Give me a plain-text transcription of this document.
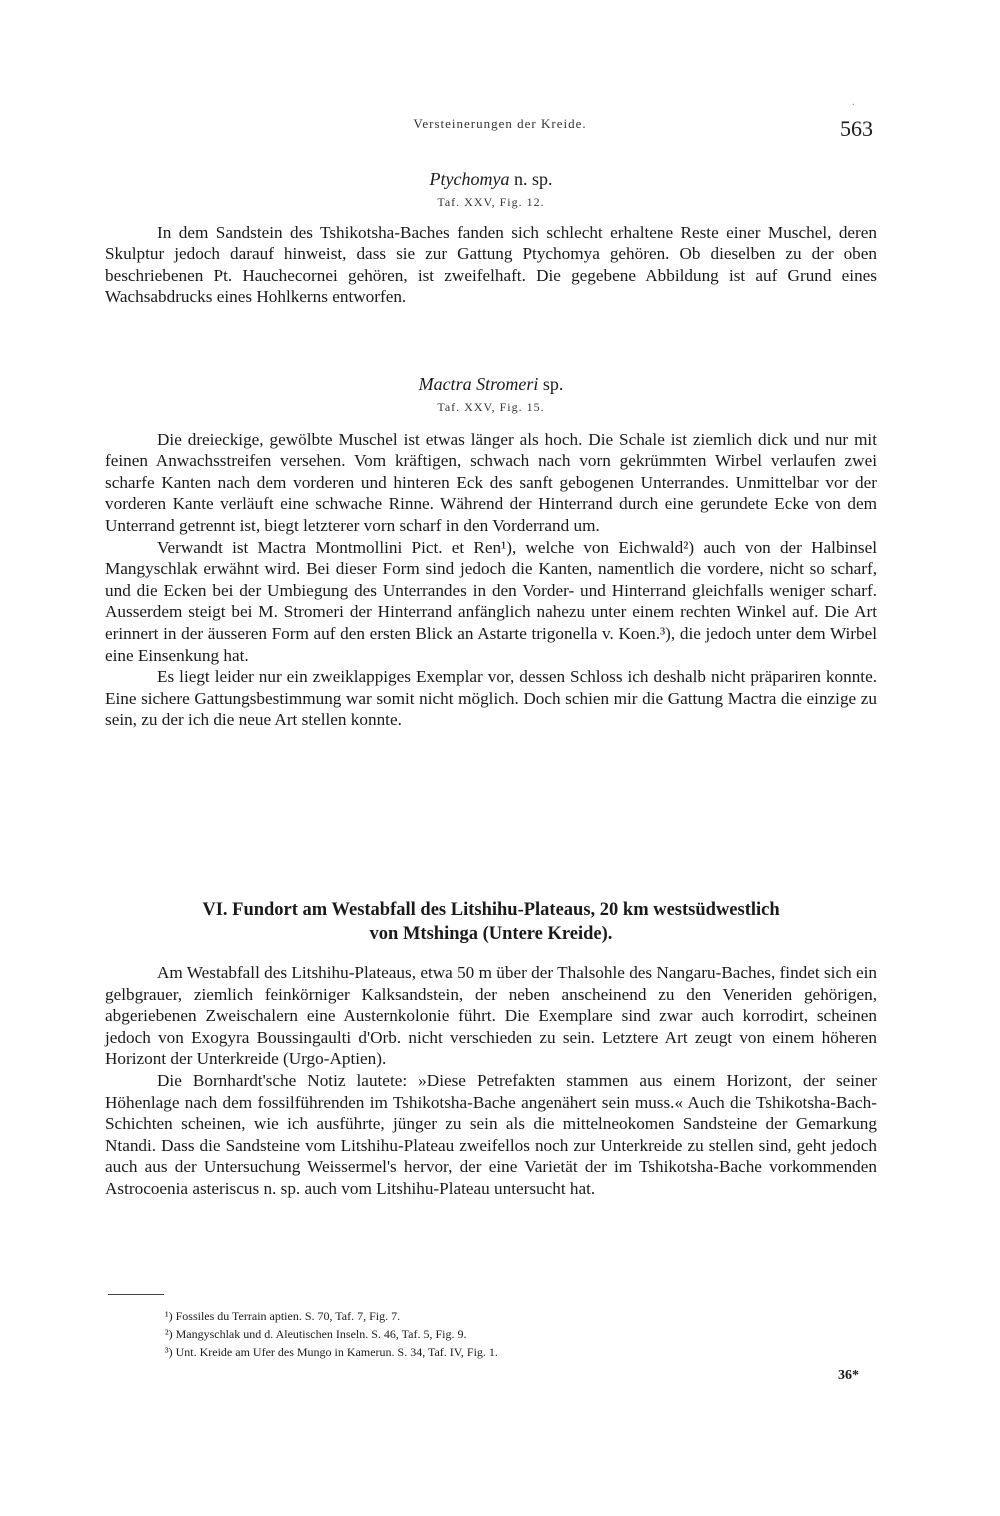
.
Versteinerungen der Kreide.	563

Ptychomya n. sp.

Taf. XXV, Fig. 12.

In dem Sandstein des Tshikotsha-Baches fanden sich schlecht erhaltene Reste einer Muschel, deren Skulptur jedoch darauf hinweist, dass sie zur Gattung Ptychomya gehören. Ob dieselben zu der oben beschriebenen Pt. Hauchecornei gehören, ist zweifelhaft. Die gegebene Abbildung ist auf Grund eines Wachsabdrucks eines Hohlkerns entworfen.

Mactra Stromeri sp.

Taf. XXV, Fig. 15.

Die dreieckige, gewölbte Muschel ist etwas länger als hoch. Die Schale ist ziemlich dick und nur mit feinen Anwachsstreifen versehen. Vom kräftigen, schwach nach vorn gekrümmten Wirbel verlaufen zwei scharfe Kanten nach dem vorderen und hinteren Eck des sanft gebogenen Unterrandes. Unmittelbar vor der vorderen Kante verläuft eine schwache Rinne. Während der Hinterrand durch eine gerundete Ecke von dem Unterrand getrennt ist, biegt letzterer vorn scharf in den Vorderrand um.

Verwandt ist Mactra Montmollini Pict. et Ren¹), welche von Eichwald²) auch von der Halbinsel Mangyschlak erwähnt wird. Bei dieser Form sind jedoch die Kanten, namentlich die vordere, nicht so scharf, und die Ecken bei der Umbiegung des Unterrandes in den Vorder- und Hinterrand gleichfalls weniger scharf. Ausserdem steigt bei M. Stromeri der Hinterrand anfänglich nahezu unter einem rechten Winkel auf. Die Art erinnert in der äusseren Form auf den ersten Blick an Astarte trigonella v. Koen.³), die jedoch unter dem Wirbel eine Einsenkung hat.

Es liegt leider nur ein zweiklappiges Exemplar vor, dessen Schloss ich deshalb nicht präpariren konnte. Eine sichere Gattungsbestimmung war somit nicht möglich. Doch schien mir die Gattung Mactra die einzige zu sein, zu der ich die neue Art stellen konnte.

VI. Fundort am Westabfall des Litshihu-Plateaus, 20 km westsüdwestlich
von Mtshinga (Untere Kreide).

Am Westabfall des Litshihu-Plateaus, etwa 50 m über der Thalsohle des Nangaru-Baches, findet sich ein gelbgrauer, ziemlich feinkörniger Kalksandstein, der neben anscheinend zu den Veneriden gehörigen, abgeriebenen Zweischalern eine Austernkolonie führt. Die Exemplare sind zwar auch korrodirt, scheinen jedoch von Exogyra Boussingaulti d'Orb. nicht verschieden zu sein. Letztere Art zeugt von einem höheren Horizont der Unterkreide (Urgo-Aptien).

Die Bornhardt'sche Notiz lautete: »Diese Petrefakten stammen aus einem Horizont, der seiner Höhenlage nach dem fossilführenden im Tshikotsha-Bache angenähert sein muss.« Auch die Tshikotsha-Bach-Schichten scheinen, wie ich ausführte, jünger zu sein als die mittelneokomen Sandsteine der Gemarkung Ntandi. Dass die Sandsteine vom Litshihu-Plateau zweifellos noch zur Unterkreide zu stellen sind, geht jedoch auch aus der Untersuchung Weissermel's hervor, der eine Varietät der im Tshikotsha-Bache vorkommenden Astrocoenia asteriscus n. sp. auch vom Litshihu-Plateau untersucht hat.

¹) Fossiles du Terrain aptien. S. 70, Taf. 7, Fig. 7.
²) Mangyschlak und d. Aleutischen Inseln. S. 46, Taf. 5, Fig. 9.
³) Unt. Kreide am Ufer des Mungo in Kamerun. S. 34, Taf. IV, Fig. 1.
36*
